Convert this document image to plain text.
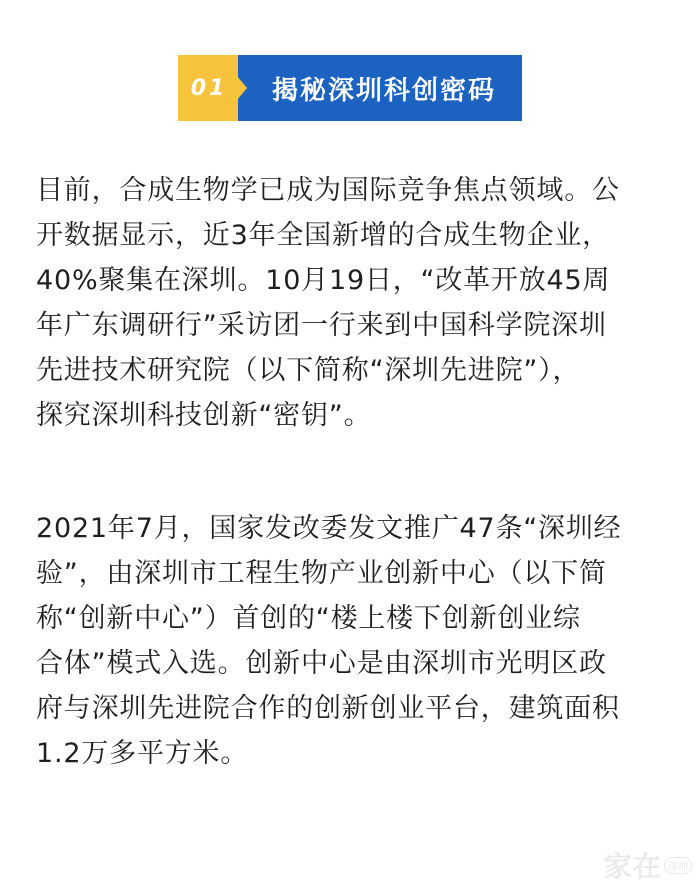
01 揭秘深圳科创密码

目前，合成生物学已成为国际竞争焦点领域。公
开数据显示，近3年全国新增的合成生物企业，
40%聚集在深圳。10月19日，“改革开放45周
年广东调研行”采访团一行来到中国科学院深圳
先进技术研究院（以下简称“深圳先进院”），
探究深圳科技创新“密钥”。

2021年7月，国家发改委发文推广47条“深圳经
验”，由深圳市工程生物产业创新中心（以下简
称“创新中心”）首创的“楼上楼下创新创业综
合体”模式入选。创新中心是由深圳市光明区政
府与深圳先进院合作的创新创业平台，建筑面积
1.2万多平方米。

家在 深圳
